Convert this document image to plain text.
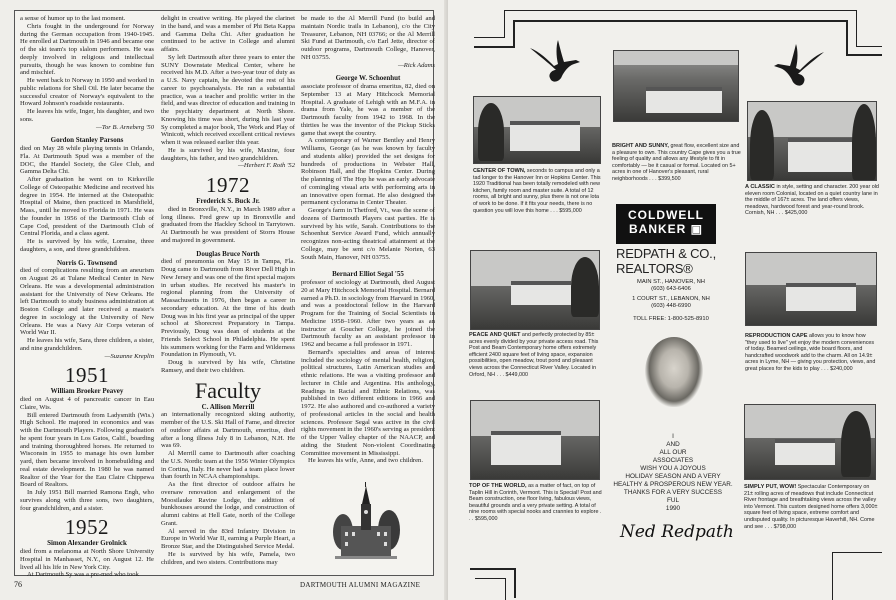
a sense of humor up to the last moment.

Chris fought in the underground for Norway during the German occupation from 1940-1945. He enrolled at Dartmouth in 1946 and became one of the ski team's top slalom performers. He was deeply involved in religious and intellectual pursuits, though he was known to combine fun and mischief.

He went back to Norway in 1950 and worked in public relations for Shell Oil. He later became the successful creator of Norway's equivalent to the Howard Johnson's roadside restaurants.

He leaves his wife, Inger, his daughter, and two sons.

—Tor B. Arneberg '50

Gordon Stanley Parsons

died on May 28 while playing tennis in Orlando, Fla. At Dartmouth Spud was a member of the DOC, the Handel Society, the Glee Club, and Gamma Delta Chi.

After graduation he went on to Kirksville College of Osteopathic Medicine and received his degree in 1954. He interned at the Osteopathic Hospital of Maine, then practiced in Marshfield, Mass., until he moved to Florida in 1971. He was the founder in 1956 of the Dartmouth Club of Cape Cod, president of the Dartmouth Club of Central Florida, and a class agent.

He is survived by his wife, Lorraine, three daughters, a son, and three grandchildren.

Norris G. Townsend

died of complications resulting from an aneurism on August 26 at Tulane Medical Center in New Orleans. He was a developmental administration assistant for the University of New Orleans. He left Dartmouth to study business administration at Boston College and later received a master's degree in sociology at the University of New Orleans. He was a Navy Air Corps veteran of World War II.

He leaves his wife, Sara, three children, a sister, and nine grandchildren.

—Suzanne Kreplin

1951

William Broeker Peavey

died on August 4 of pancreatic cancer in Eau Claire, Wis.

Bill entered Dartmouth from Ladysmith (Wis.) High School. He majored in economics and was with the Dartmouth Players. Following graduation he spent four years in Los Gatos, Calif., boarding and training thoroughbred horses. He returned to Wisconsin in 1955 to manage his own lumber yard, then became involved in homebuilding and real estate development. In 1980 he was named Realtor of the Year for the Eau Claire Chippewa Board of Realtors.

In July 1951 Bill married Ramona Engh, who survives along with three sons, two daughters, four grandchildren, and a sister.

1952

Simon Alexander Grolnick

died from a melanoma at North Shore University Hospital in Manhasset, N.Y., on August 12. He lived all his life in New York City.

At Dartmouth Sy was a pre-med who took

delight in creative writing. He played the clarinet in the band, and was a member of Phi Beta Kappa and Gamma Delta Chi. After graduation he continued to be active in College and alumni affairs.

Sy left Dartmouth after three years to enter the SUNY Downstate Medical Center, where he received his M.D. After a two-year tour of duty as a U.S. Navy captain, he devoted the rest of his career to psychoanalysis. He ran a substantial practice, was a teacher and prolific writer in the field, and was director of education and training in the psychiatry department at North Shore. Knowing his time was short, during his last year Sy completed a major book, The Work and Play of Winicott, which received excellent critical reviews when it was released earlier this year.

He is survived by his wife, Maxine, four daughters, his father, and two grandchildren.

—Herbert F. Roth '52

1972

Frederick S. Buck Jr.

died in Bronxville, N.Y., in March 1989 after a long illness. Fred grew up in Bronxville and graduated from the Hackley School in Tarrytown. At Dartmouth he was president of Storrs House and majored in government.

Douglas Bruce North

died of pneumonia on May 15 in Tampa, Fla. Doug came to Dartmouth from River Dell High in New Jersey and was one of the first special majors in urban studies. He received his master's in regional planning from the University of Massachusetts in 1976, then began a career in secondary education. At the time of his death Doug was in his first year as principal of the upper school at Shorecrest Preparatory in Tampa. Previously, Doug was dean of students at the Friends Select School in Philadelphia. He spent his summers working for the Farm and Wilderness Foundation in Plymouth, Vt.

Doug is survived by his wife, Christine Ramsey, and their two children.

Faculty

C. Allison Merrill

an internationally recognized skiing authority, member of the U.S. Ski Hall of Fame, and director of outdoor affairs at Dartmouth, emeritus, died after a long illness July 8 in Lebanon, N.H. He was 69.

Al Merrill came to Dartmouth after coaching the U.S. Nordic team at the 1956 Winter Olympics in Cortina, Italy. He never had a team place lower than fourth in NCAA championships.

As the first director of outdoor affairs he oversaw renovation and enlargement of the Moosilauke Ravine Lodge, the addition of bunkhouses around the lodge, and construction of alumni cabins at Hell Gate, north of the College Grant.

Al served in the 83rd Infantry Division in Europe in World War II, earning a Purple Heart, a Bronze Star, and the Distinguished Service Medal.

He is survived by his wife, Pamela, two children, and two sisters. Contributions may

be made to the Al Merrill Fund (to build and maintain Nordic trails in Lebanon), c/o the City Treasurer, Lebanon, NH 03766; or the Al Merrill Ski Fund at Dartmouth, c/o Earl Jette, director of outdoor programs, Dartmouth College, Hanover, NH 03755.

—Rick Adams

George W. Schoenhut

associate professor of drama emeritus, 82, died on September 13 at Mary Hitchcock Memorial Hospital. A graduate of Lehigh with an M.F.A. in drama from Yale, he was a member of the Dartmouth faculty from 1942 to 1968. In the thirties he was the inventor of the Pickup Sticks game that swept the country.

A contemporary of Warner Bentley and Henry Williams, George (as he was known by faculty and students alike) provided the set designs for hundreds of productions in Webster Hall, Robinson Hall, and the Hopkins Center. During the planning of The Hop he was an early advocate of comingling visual arts with performing arts in an innovative open format. He also designed the permanent cyclorama in Center Theater.

George's farm in Thetford, Vt., was the scene of dozens of Dartmouth Players cast parties. He is survived by his wife, Sarah. Contributions to the Schoenhut Service Award Fund, which annually recognizes non-acting theatrical attainment at the College, may be sent c/o Melanie Norten, 63 South Main, Hanover, NH 03755.

Bernard Elliot Segal '55

professor of sociology at Dartmouth, died August 20 at Mary Hitchcock Memorial Hospital. Bernard earned a Ph.D. in sociology from Harvard in 1960, and was a postdoctoral fellow in the Harvard Program for the Training of Social Scientists in Medicine 1958–1960. After two years as an instructor at Goucher College, he joined the Dartmouth faculty as an assistant professor in 1962 and became a full professor in 1971.

Bernard's specialties and areas of interest included the sociology of mental health, religion, political structures, Latin American studies and ethnic relations. He was a visiting professor and lecturer in Chile and Argentina. His anthology, Readings in Racial and Ethnic Relations, was published in two different editions in 1966 and 1972. He also authored and co-authored a variety of professional articles in the social and health sciences. Professor Segal was active in the civil rights movement in the 1960's serving as president of the Upper Valley chapter of the NAACP, and aiding the Student Non-violent Coordinating Committee movement in Mississippi.

He leaves his wife, Anne, and two children.

76	DARTMOUTH ALUMNI MAGAZINE
CENTER OF TOWN, seconds to campus and only a tad longer to the Hanover Inn or Hopkins Center. This 1920 Traditional has been totally remodeled with new kitchen, family room and master suite. A total of 12 rooms, all bright and sunny, plus there is not one lota of work to be done. If it fits your needs, there is no question you will love this home . . . $595,000
BRIGHT AND SUNNY, great flow, excellent size and a pleasure to own. This country Cape gives you a true feeling of quality and allows any lifestyle to fit in comfortably — be it casual or formal. Located on 5+ acres in one of Hanover's pleasant, rural neighborhoods . . . $399,500
A CLASSIC in style, setting and character. 200 year old eleven room Colonial, located on a quiet country lane in the middle of 167± acres. The land offers views, meadows, hardwood forest and year-round brook. Cornish, NH . . . $425,000
PEACE AND QUIET and perfectly protected by 85± acres evenly divided by your private access road. This Post and Beam Contemporary home offers extremely efficient 2400 square feet of living space, expansion possibilities, open meadow, trout pond and pleasant views across the Connecticut River Valley. Located in Orford, NH . . . $449,000
REPRODUCTION CAPE allows you to know how "they used to live" yet enjoy the modern conveniences of today. Beamed ceilings, wide board floors, and handcrafted woodwork add to the charm. All on 14.9± acres in Lyme, NH — giving you protection, views, and great places for the kids to play . . . $240,000
TOP OF THE WORLD, as a matter of fact, on top of Taplin Hill in Corinth, Vermont. This is Special! Post and Beam construction, one floor living, fabulous views, beautiful grounds and a very private setting. A total of nine rooms with special nooks and crannies to explore . . . $595,000
SIMPLY PUT, WOW! Spectacular Contemporary on 21± rolling acres of meadows that include Connecticut River frontage and breathtaking views across the valley into Vermont. This custom designed home offers 3,000± square feet of living space, extreme comfort and undisputed quality. In picturesque Haverhill, NH. Come and see . . . $798,000
COLDWELL
BANKER ▣
REDPATH & CO.,
REALTORS®
MAIN ST., HANOVER, NH
(603) 643-6406
1 COURT ST., LEBANON, NH
(603) 448-6990
TOLL FREE: 1-800-525-8910
I
AND
ALL OUR
ASSOCIATES
WISH YOU A JOYOUS
HOLIDAY SEASON AND A VERY
HEALTHY & PROSPEROUS NEW YEAR.
THANKS FOR A VERY SUCCESS
FUL
1990
Ned Redpath
